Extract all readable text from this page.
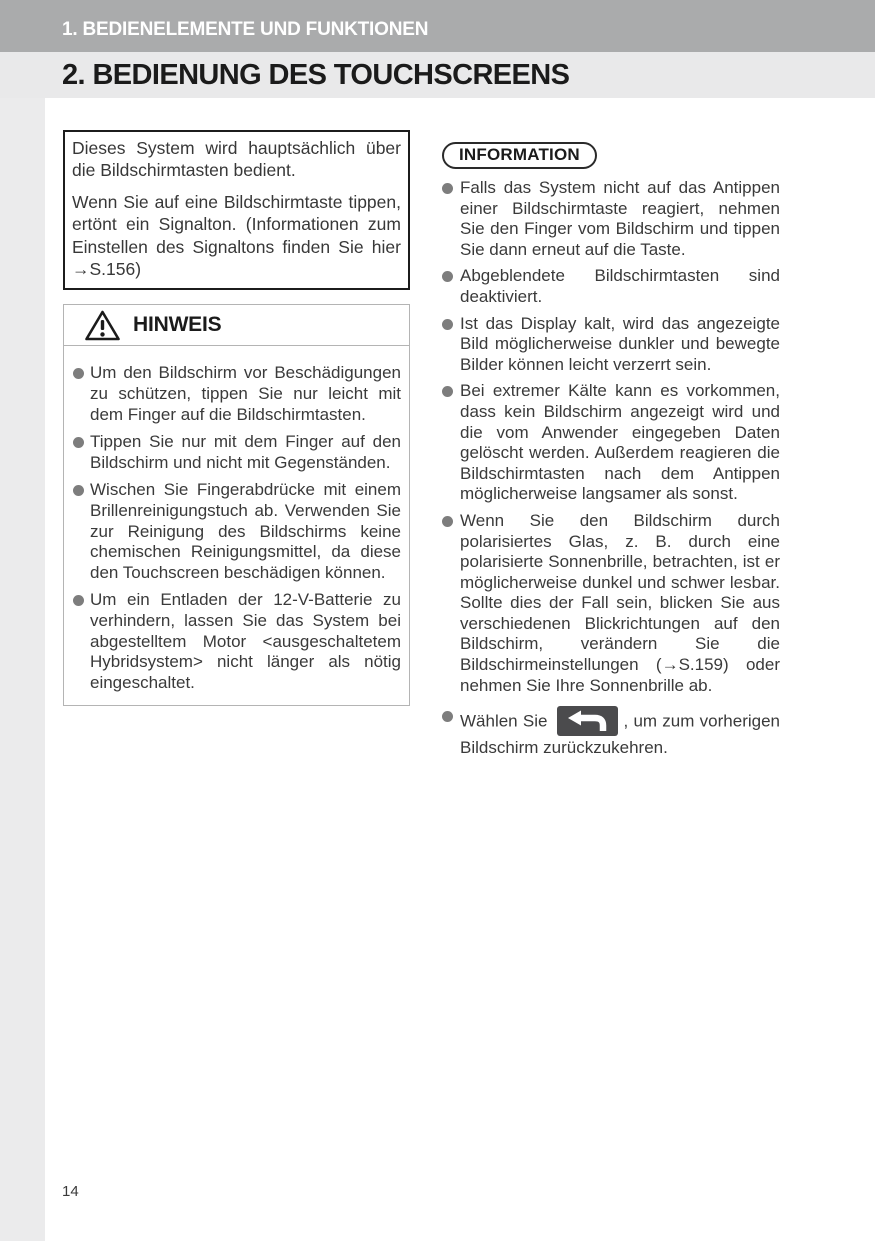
1. BEDIENELEMENTE UND FUNKTIONEN
2. BEDIENUNG DES TOUCHSCREENS

Dieses System wird hauptsächlich über die Bildschirmtasten bedient.

Wenn Sie auf eine Bildschirmtaste tippen, ertönt ein Signalton. (Informationen zum Einstellen des Signaltons finden Sie hier →S.156)

HINWEIS
Um den Bildschirm vor Beschädigungen zu schützen, tippen Sie nur leicht mit dem Finger auf die Bildschirmtasten.
Tippen Sie nur mit dem Finger auf den Bildschirm und nicht mit Gegenständen.
Wischen Sie Fingerabdrücke mit einem Brillenreinigungstuch ab. Verwenden Sie zur Reinigung des Bildschirms keine chemischen Reinigungsmittel, da diese den Touchscreen beschädigen können.
Um ein Entladen der 12-V-Batterie zu verhindern, lassen Sie das System bei abgestelltem Motor <ausgeschaltetem Hybridsystem> nicht länger als nötig eingeschaltet.
INFORMATION
Falls das System nicht auf das Antippen einer Bildschirmtaste reagiert, nehmen Sie den Finger vom Bildschirm und tippen Sie dann erneut auf die Taste.
Abgeblendete Bildschirmtasten sind deaktiviert.
Ist das Display kalt, wird das angezeigte Bild möglicherweise dunkler und bewegte Bilder können leicht verzerrt sein.
Bei extremer Kälte kann es vorkommen, dass kein Bildschirm angezeigt wird und die vom Anwender eingegeben Daten gelöscht werden. Außerdem reagieren die Bildschirmtasten nach dem Antippen möglicherweise langsamer als sonst.
Wenn Sie den Bildschirm durch polarisiertes Glas, z. B. durch eine polarisierte Sonnenbrille, betrachten, ist er möglicherweise dunkel und schwer lesbar. Sollte dies der Fall sein, blicken Sie aus verschiedenen Blickrichtungen auf den Bildschirm, verändern Sie die Bildschirmeinstellungen (→S.159) oder nehmen Sie Ihre Sonnenbrille ab.
Wählen Sie	, um zum vorherigen Bildschirm zurückzukehren.
14
